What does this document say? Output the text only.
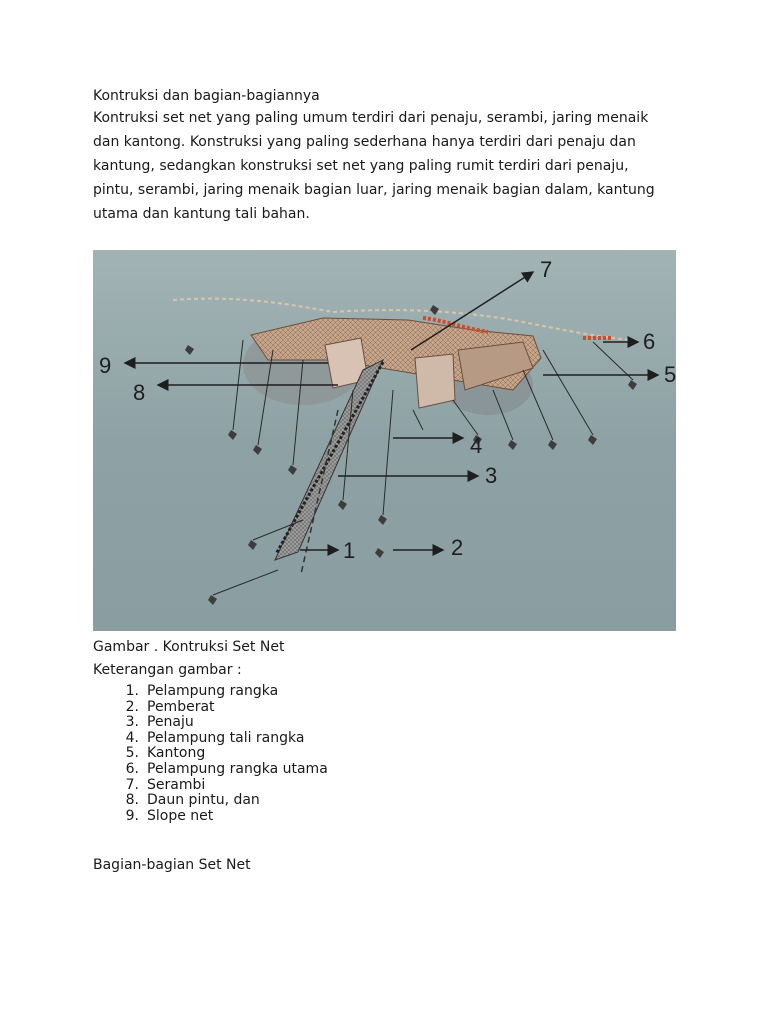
Kontruksi dan bagian-bagiannya

Kontruksi set net yang paling umum terdiri dari penaju, serambi, jaring menaik
dan kantong. Konstruksi yang paling sederhana hanya terdiri dari penaju dan
kantung, sedangkan konstruksi set net yang paling rumit terdiri dari penaju,
pintu, serambi, jaring menaik bagian luar, jaring menaik bagian dalam, kantung
utama dan kantung tali bahan.
1	2
3
4
5
6
7
8
9
Gambar . Kontruksi Set Net
Keterangan gambar :
1. Pelampung rangka
2. Pemberat
3. Penaju
4. Pelampung tali rangka
5. Kantong
6. Pelampung rangka utama
7. Serambi
8. Daun pintu, dan
9. Slope net
Bagian-bagian Set Net
